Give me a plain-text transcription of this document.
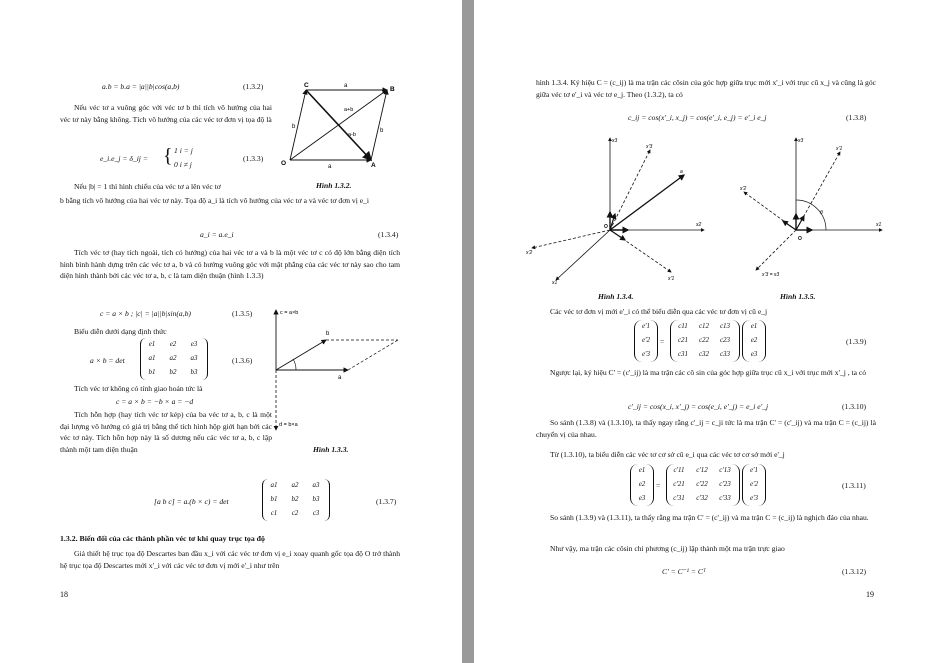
a.b = b.a = |a||b|cos(a,b)	(1.3.2)
Nếu véc tơ a vuông góc với véc tơ b thì tích vô hướng của hai véc tơ này bằng không. Tích vô hướng của các véc tơ đơn vị tọa độ là
e_i.e_j = δ_ij = { 1 i = j
0 i ≠ j
(1.3.3)
Nếu |b| = 1 thì hình chiếu của véc tơ a lên véc tơ	Hình 1.3.2.
b bằng tích vô hướng của hai véc tơ này. Tọa độ a_i là tích vô hướng của véc tơ a và véc tơ đơn vị e_i
a_i = a.e_i	(1.3.4)
Tích véc tơ (hay tích ngoài, tích có hướng) của hai véc tơ a và b là một véc tơ c có độ lớn bằng diện tích hình bình hành dựng trên các véc tơ a, b và có hướng vuông góc với mặt phẳng của các véc tơ này sao cho tam diện hình thành bởi các véc tơ a, b, c là tam diện thuận (hình 1.3.3)
c = a × b ; |c| = |a||b|sin(a,b)	(1.3.5)
Biểu diễn dưới dạng định thức
a × b = det
e1	e2	e3
a1	a2	a3
b1	b2	b3
(1.3.6)
Tích véc tơ không có tính giao hoán tức là
c = a × b = −b × a = −d
Tích hỗn hợp (hay tích véc tơ kép) của ba véc tơ a, b, c là một đại lượng vô hướng có giá trị bằng thể tích hình hộp giới hạn bởi các véc tơ này. Tích hỗn hợp này là số dương nếu các véc tơ a, b, c lập thành một tam diện thuận	Hình 1.3.3.
[a b c] = a.(b × c) = det
a1	a2	a3
b1	b2	b3
c1	c2	c3
(1.3.7)
1.3.2. Biến đổi của các thành phần véc tơ khi quay trục tọa độ
Giả thiết hệ trục tọa độ Descartes ban đầu x_i với các véc tơ đơn vị e_i xoay quanh gốc tọa độ O trở thành hệ trục tọa độ Descartes mới x'_i với các véc tơ đơn vị mới e'_i như trên
18
C
B
O	A
a
a
b
b
a+b
a-b
c = a×b
d = b×a
b
a
hình 1.3.4. Ký hiệu C = (c_ij) là ma trận các côsin của góc hợp giữa trục mới x'_i với trục cũ x_j và cũng là góc giữa véc tơ e'_i và véc tơ e_j. Theo (1.3.2), ta có
c_ij = cos(x'_i, x_j) = cos(e'_i, e_j) = e'_i e_j	(1.3.8)
x3
x2
x1
x'3
x'1
x'2
a
O
x3
x1
x'1
x'2
x'3 = x3
θ
O
Hình 1.3.4.	Hình 1.3.5.
Các véc tơ đơn vị mới e'_i có thể biểu diễn qua các véc tơ đơn vị cũ e_j
e'1
e'2
e'3
=
c11	c12	c13
c21	c22	c23
c31	c32	c33
e1
e2
e3
(1.3.9)
Ngược lại, ký hiệu C' = (c'_ij) là ma trận các cô sin của góc hợp giữa trục cũ x_i với trục mới x'_j , ta có
c'_ij = cos(x_i, x'_j) = cos(e_i, e'_j) = e_i e'_j	(1.3.10)
So sánh (1.3.8) và (1.3.10), ta thấy ngay rằng c'_ij = c_ji tức là ma trận C' = (c'_ij) và ma trận C = (c_ij) là chuyển vị của nhau.
Từ (1.3.10), ta biểu diễn các véc tơ cơ sở cũ e_i qua các véc tơ cơ sở mới e'_j
e1
e2
e3
=
c'11	c'12	c'13
c'21	c'22	c'23
c'31	c'32	c'33
e'1
e'2
e'3
(1.3.11)
So sánh (1.3.9) và (1.3.11), ta thấy rằng ma trận C' = (c'_ij) và ma trận C = (c_ij) là nghịch đảo của nhau.
Như vậy, ma trận các côsin chỉ phương (c_ij) lập thành một ma trận trực giao
C' = C⁻¹ = Cᵀ	(1.3.12)
19
